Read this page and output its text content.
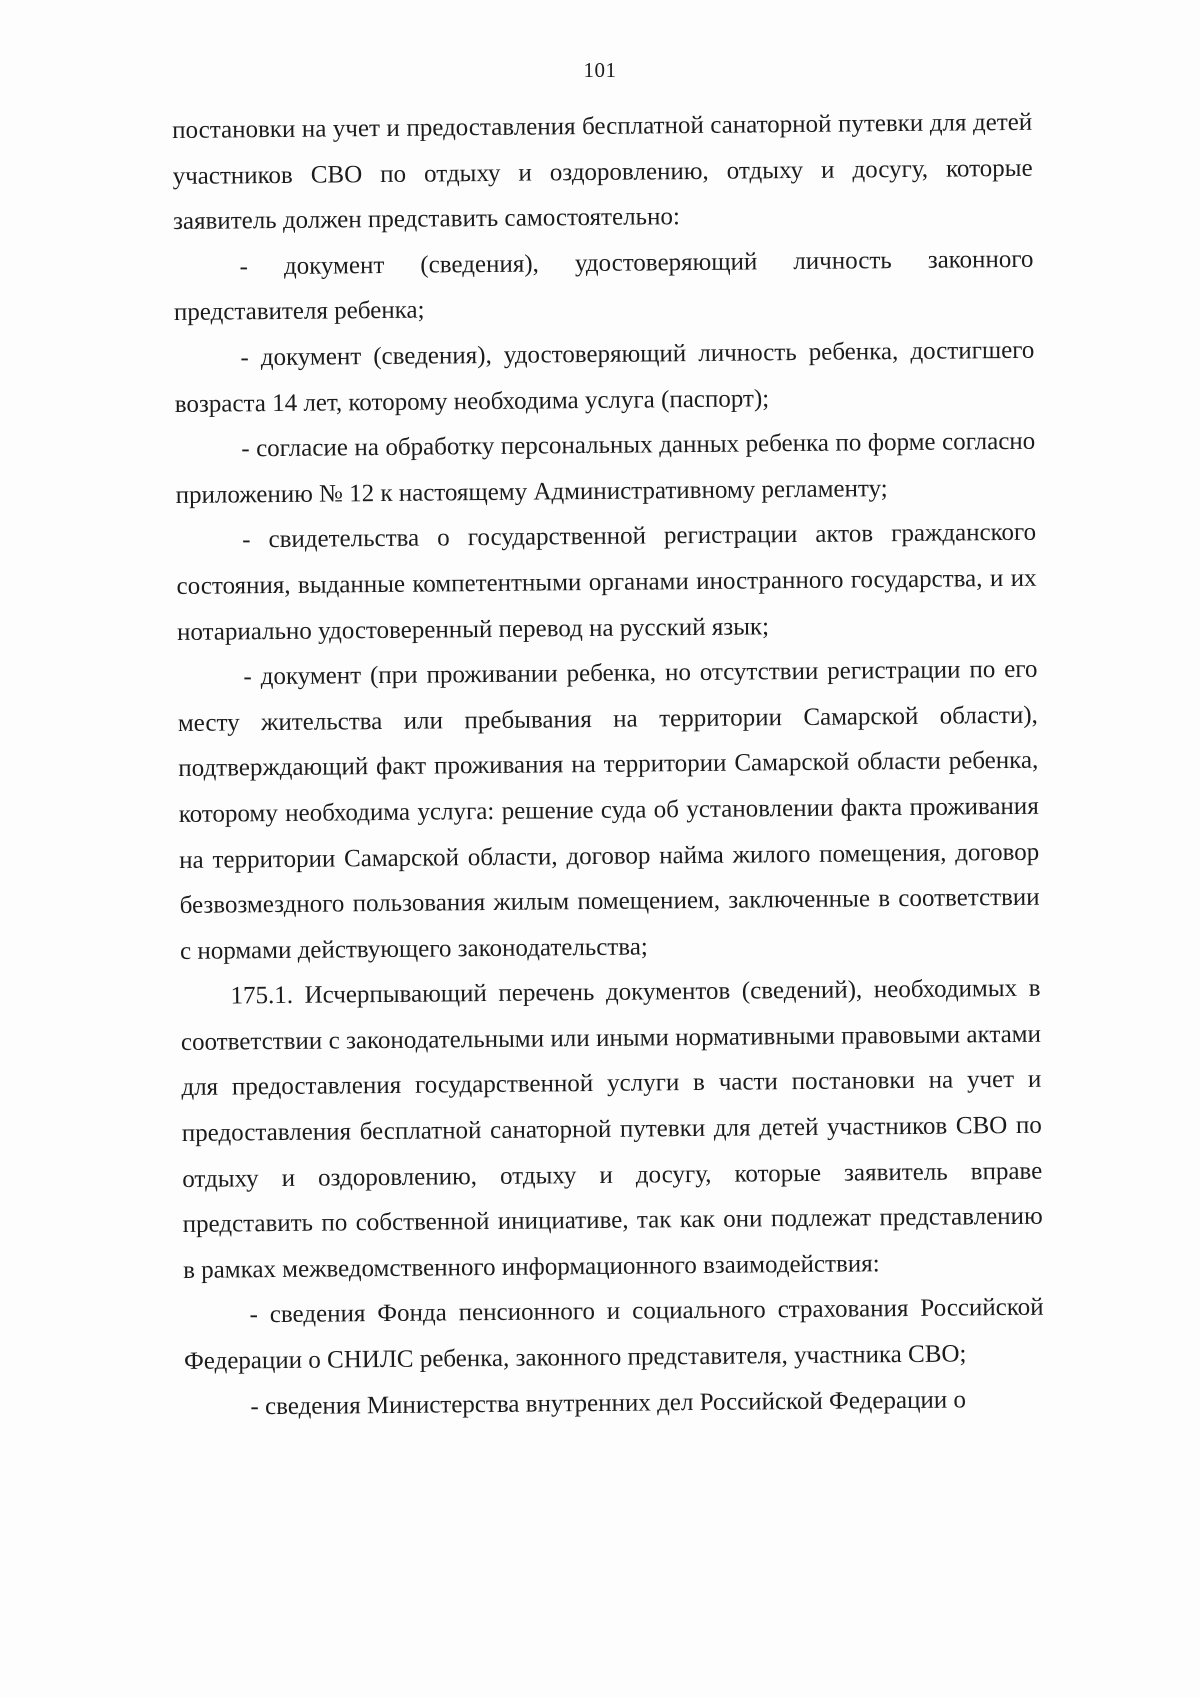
101

постановки на учет и предоставления бесплатной санаторной путевки для детей участников СВО по отдыху и оздоровлению, отдыху и досугу, которые заявитель должен представить самостоятельно:

- документ (сведения), удостоверяющий личность законного представителя ребенка;

- документ (сведения), удостоверяющий личность ребенка, достигшего возраста 14 лет, которому необходима услуга (паспорт);

- согласие на обработку персональных данных ребенка по форме согласно приложению № 12 к настоящему Административному регламенту;

- свидетельства о государственной регистрации актов гражданского состояния, выданные компетентными органами иностранного государства, и их нотариально удостоверенный перевод на русский язык;

- документ (при проживании ребенка, но отсутствии регистрации по его месту жительства или пребывания на территории Самарской области), подтверждающий факт проживания на территории Самарской области ребенка, которому необходима услуга: решение суда об установлении факта проживания на территории Самарской области, договор найма жилого помещения, договор безвозмездного пользования жилым помещением, заключенные в соответствии с нормами действующего законодательства;

175.1. Исчерпывающий перечень документов (сведений), необходимых в соответствии с законодательными или иными нормативными правовыми актами для предоставления государственной услуги в части постановки на учет и предоставления бесплатной санаторной путевки для детей участников СВО по отдыху и оздоровлению, отдыху и досугу, которые заявитель вправе представить по собственной инициативе, так как они подлежат представлению в рамках межведомственного информационного взаимодействия:

- сведения Фонда пенсионного и социального страхования Российской Федерации о СНИЛС ребенка, законного представителя, участника СВО;

- сведения Министерства внутренних дел Российской Федерации о
